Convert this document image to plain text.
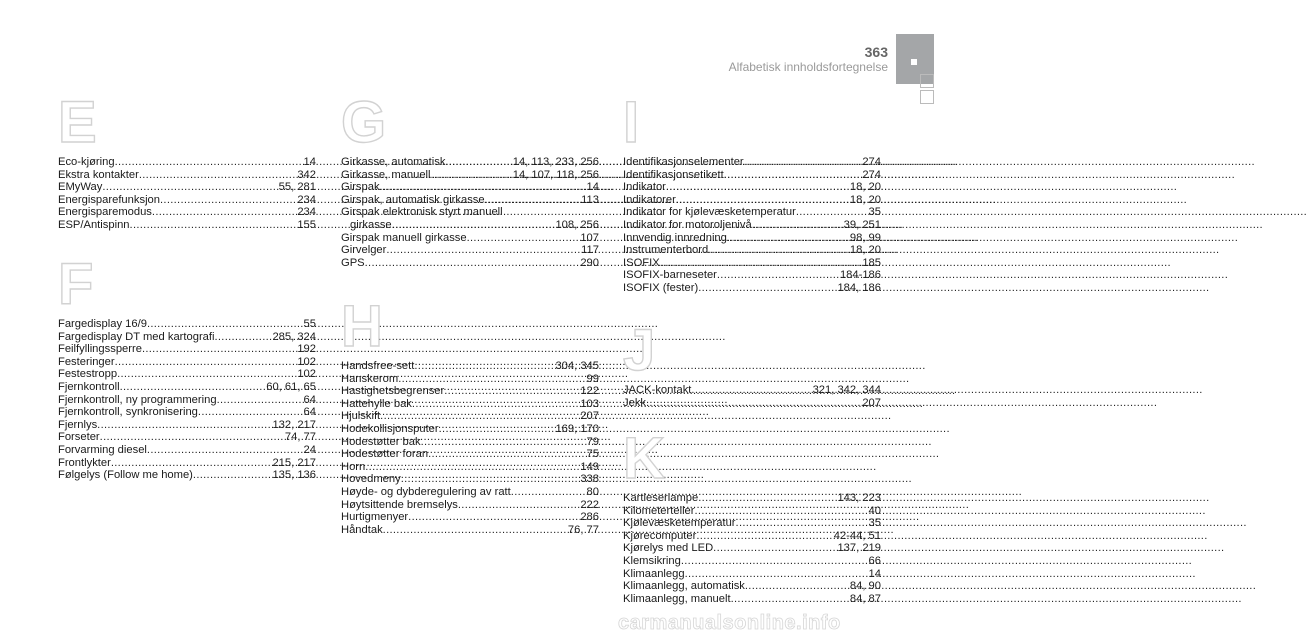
363
Alfabetisk innholdsfortegnelse
E
Eco-kjøring .....	14
Ekstra kontakter .....	342
EMyWay .....	55, 281
Energisparefunksjon .....	234
Energisparemodus .....	234
ESP/Antispinn .....	155
F
Fargedisplay 16/9 .....	55
Fargedisplay DT med kartografi .....	285, 324
Feilfyllingssperre .....	192
Festeringer .....	102
Festestropp .....	102
Fjernkontroll .....	60, 61, 65
Fjernkontroll, ny programmering .....	64
Fjernkontroll, synkronisering .....	64
Fjernlys .....	132, 217
Forseter .....	74, 77
Forvarming diesel .....	24
Frontlykter .....	215, 217
Følgelys (Follow me home) .....	135, 136
G
Girkasse, automatisk .....	14, 113, 233, 256
Girkasse, manuell .....	14, 107, 118, 256
Girspak .....	14
Girspak, automatisk girkasse .....	113
Girspak elektronisk styrt manuell
girkasse .....	108, 256
Girspak manuell girkasse .....	107
Girvelger .....	117
GPS .....	290
H
Handsfree-sett .....	304, 345
Hanskerom .....	99
Hastighetsbegrenser .....	122
Hattehylle bak .....	103
Hjulskift .....	207
Hodekollisjonsputer .....	169, 170
Hodestøtter bak .....	79
Hodestøtter foran .....	75
Horn .....	149
Hovedmeny .....	338
Høyde- og dybderegulering av ratt .....	80
Høytsittende bremselys .....	222
Hurtigmenyer .....	286
Håndtak .....	76, 77
I
Identifikasjonselementer .....	274
Identifikasjonsetikett .....	274
Indikator .....	18, 20
Indikatorer .....	18, 20
Indikator for kjølevæsketemperatur .....	35
Indikator for motoroljenivå .....	39, 251
Innvendig innredning .....	98, 99
Instrumenterbord .....	18, 20
ISOFIX .....	185
ISOFIX-barneseter .....	184-186
ISOFIX (fester) .....	184, 186
J
JACK-kontakt .....	321, 342, 344
Jekk .....	207
K
Kartleserlampe .....	143, 223
Kilometerteller .....	40
Kjølevæsketemperatur .....	35
Kjørecomputer .....	42-44, 51
Kjørelys med LED .....	137, 219
Klemsikring .....	66
Klimaanlegg .....	14
Klimaanlegg, automatisk .....	84, 90
Klimaanlegg, manuelt .....	84, 87
carmanualsonline.info
